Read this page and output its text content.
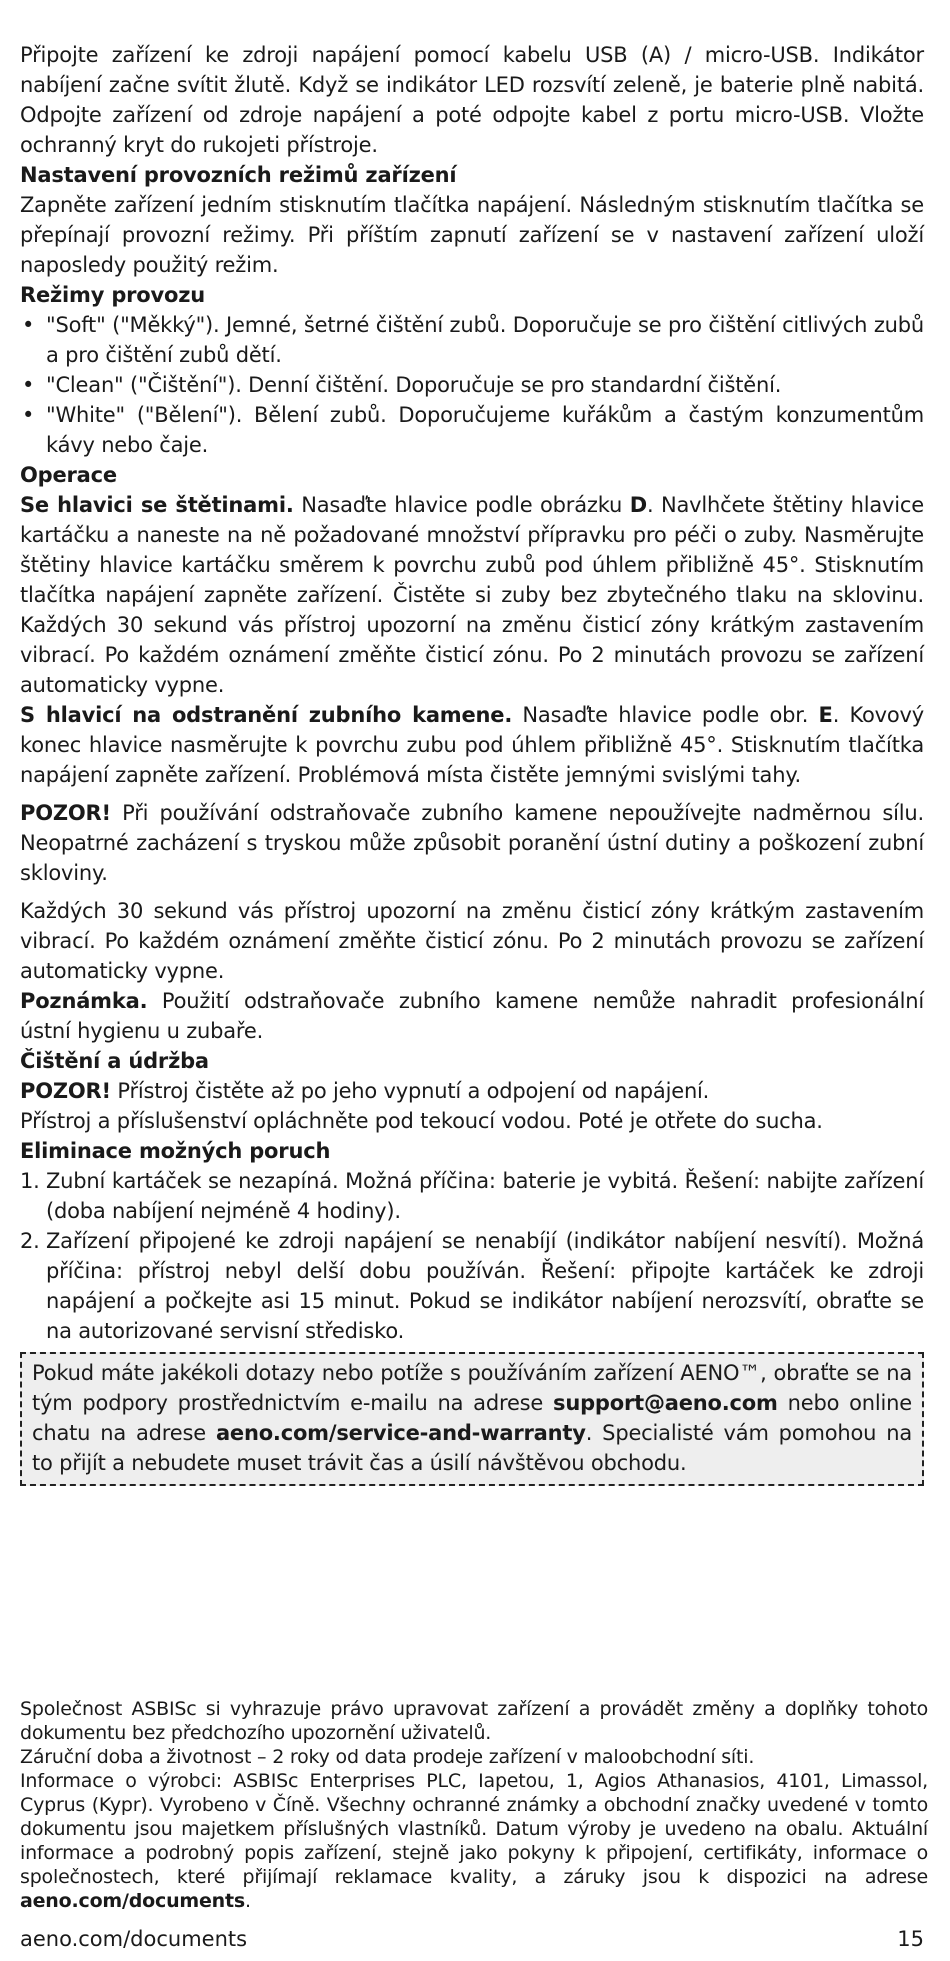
Připojte zařízení ke zdroji napájení pomocí kabelu USB (A) / micro-USB. Indikátor nabíjení začne svítit žlutě. Když se indikátor LED rozsvítí zeleně, je baterie plně nabitá. Odpojte zařízení od zdroje napájení a poté odpojte kabel z portu micro-USB. Vložte ochranný kryt do rukojeti přístroje.

Nastavení provozních režimů zařízení

Zapněte zařízení jedním stisknutím tlačítka napájení. Následným stisknutím tlačítka se přepínají provozní režimy. Při příštím zapnutí zařízení se v nastavení zařízení uloží naposledy použitý režim.

Režimy provozu

• "Soft" ("Měkký"). Jemné, šetrné čištění zubů. Doporučuje se pro čištění citlivých zubů a pro čištění zubů dětí.
• "Clean" ("Čištění"). Denní čištění. Doporučuje se pro standardní čištění.
• "White" ("Bělení"). Bělení zubů. Doporučujeme kuřákům a častým konzumentům kávy nebo čaje.

Operace

Se hlavici se štětinami. Nasaďte hlavice podle obrázku D. Navlhčete štětiny hlavice kartáčku a naneste na ně požadované množství přípravku pro péči o zuby. Nasměrujte štětiny hlavice kartáčku směrem k povrchu zubů pod úhlem přibližně 45°. Stisknutím tlačítka napájení zapněte zařízení. Čistěte si zuby bez zbytečného tlaku na sklovinu. Každých 30 sekund vás přístroj upozorní na změnu čisticí zóny krátkým zastavením vibrací. Po každém oznámení změňte čisticí zónu. Po 2 minutách provozu se zařízení automaticky vypne.

S hlavicí na odstranění zubního kamene. Nasaďte hlavice podle obr. E. Kovový konec hlavice nasměrujte k povrchu zubu pod úhlem přibližně 45°. Stisknutím tlačítka napájení zapněte zařízení. Problémová místa čistěte jemnými svislými tahy.

POZOR! Při používání odstraňovače zubního kamene nepoužívejte nadměrnou sílu. Neopatrné zacházení s tryskou může způsobit poranění ústní dutiny a poškození zubní skloviny.

Každých 30 sekund vás přístroj upozorní na změnu čisticí zóny krátkým zastavením vibrací. Po každém oznámení změňte čisticí zónu. Po 2 minutách provozu se zařízení automaticky vypne.

Poznámka. Použití odstraňovače zubního kamene nemůže nahradit profesionální ústní hygienu u zubaře.

Čištění a údržba

POZOR! Přístroj čistěte až po jeho vypnutí a odpojení od napájení.

Přístroj a příslušenství opláchněte pod tekoucí vodou. Poté je otřete do sucha.

Eliminace možných poruch

1. Zubní kartáček se nezapíná. Možná příčina: baterie je vybitá. Řešení: nabijte zařízení (doba nabíjení nejméně 4 hodiny).
2. Zařízení připojené ke zdroji napájení se nenabíjí (indikátor nabíjení nesvítí). Možná příčina: přístroj nebyl delší dobu používán. Řešení: připojte kartáček ke zdroji napájení a počkejte asi 15 minut. Pokud se indikátor nabíjení nerozsvítí, obraťte se na autorizované servisní středisko.
Pokud máte jakékoli dotazy nebo potíže s používáním zařízení AENO™, obraťte se na tým podpory prostřednictvím e-mailu na adrese support@aeno.com nebo online chatu na adrese aeno.com/service-and-warranty. Specialisté vám pomohou na to přijít a nebudete muset trávit čas a úsilí návštěvou obchodu.

Společnost ASBISc si vyhrazuje právo upravovat zařízení a provádět změny a doplňky tohoto dokumentu bez předchozího upozornění uživatelů.

Záruční doba a životnost – 2 roky od data prodeje zařízení v maloobchodní síti.

Informace o výrobci: ASBISc Enterprises PLC, Iapetou, 1, Agios Athanasios, 4101, Limassol, Cyprus (Kypr). Vyrobeno v Číně. Všechny ochranné známky a obchodní značky uvedené v tomto dokumentu jsou majetkem příslušných vlastníků. Datum výroby je uvedeno na obalu. Aktuální informace a podrobný popis zařízení, stejně jako pokyny k připojení, certifikáty, informace o společnostech, které přijímají reklamace kvality, a záruky jsou k dispozici na adrese aeno.com/documents.

aeno.com/documents	15
